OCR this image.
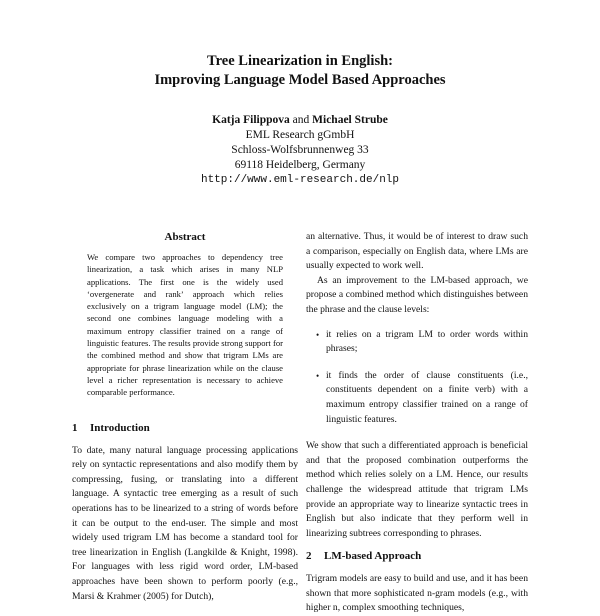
Tree Linearization in English:
Improving Language Model Based Approaches
Katja Filippova and Michael Strube
EML Research gGmbH
Schloss-Wolfsbrunnenweg 33
69118 Heidelberg, Germany
http://www.eml-research.de/nlp
Abstract

We compare two approaches to dependency tree linearization, a task which arises in many NLP applications. The first one is the widely used ‘overgenerate and rank’ approach which relies exclusively on a trigram language model (LM); the second one combines language modeling with a maximum entropy classifier trained on a range of linguistic features. The results provide strong support for the combined method and show that trigram LMs are appropriate for phrase linearization while on the clause level a richer representation is necessary to achieve comparable performance.

1 Introduction

To date, many natural language processing applications rely on syntactic representations and also modify them by compressing, fusing, or translating into a different language. A syntactic tree emerging as a result of such operations has to be linearized to a string of words before it can be output to the end-user. The simple and most widely used trigram LM has become a standard tool for tree linearization in English (Langkilde & Knight, 1998). For languages with less rigid word order, LM-based approaches have been shown to perform poorly (e.g., Marsi & Krahmer (2005) for Dutch),

an alternative. Thus, it would be of interest to draw such a comparison, especially on English data, where LMs are usually expected to work well.

As an improvement to the LM-based approach, we propose a combined method which distinguishes between the phrase and the clause levels:

• it relies on a trigram LM to order words within phrases;
• it finds the order of clause constituents (i.e., constituents dependent on a finite verb) with a maximum entropy classifier trained on a range of linguistic features.

We show that such a differentiated approach is beneficial and that the proposed combination outperforms the method which relies solely on a LM. Hence, our results challenge the widespread attitude that trigram LMs provide an appropriate way to linearize syntactic trees in English but also indicate that they perform well in linearizing subtrees corresponding to phrases.

2 LM-based Approach

Trigram models are easy to build and use, and it has been shown that more sophisticated n-gram models (e.g., with higher n, complex smoothing techniques,
